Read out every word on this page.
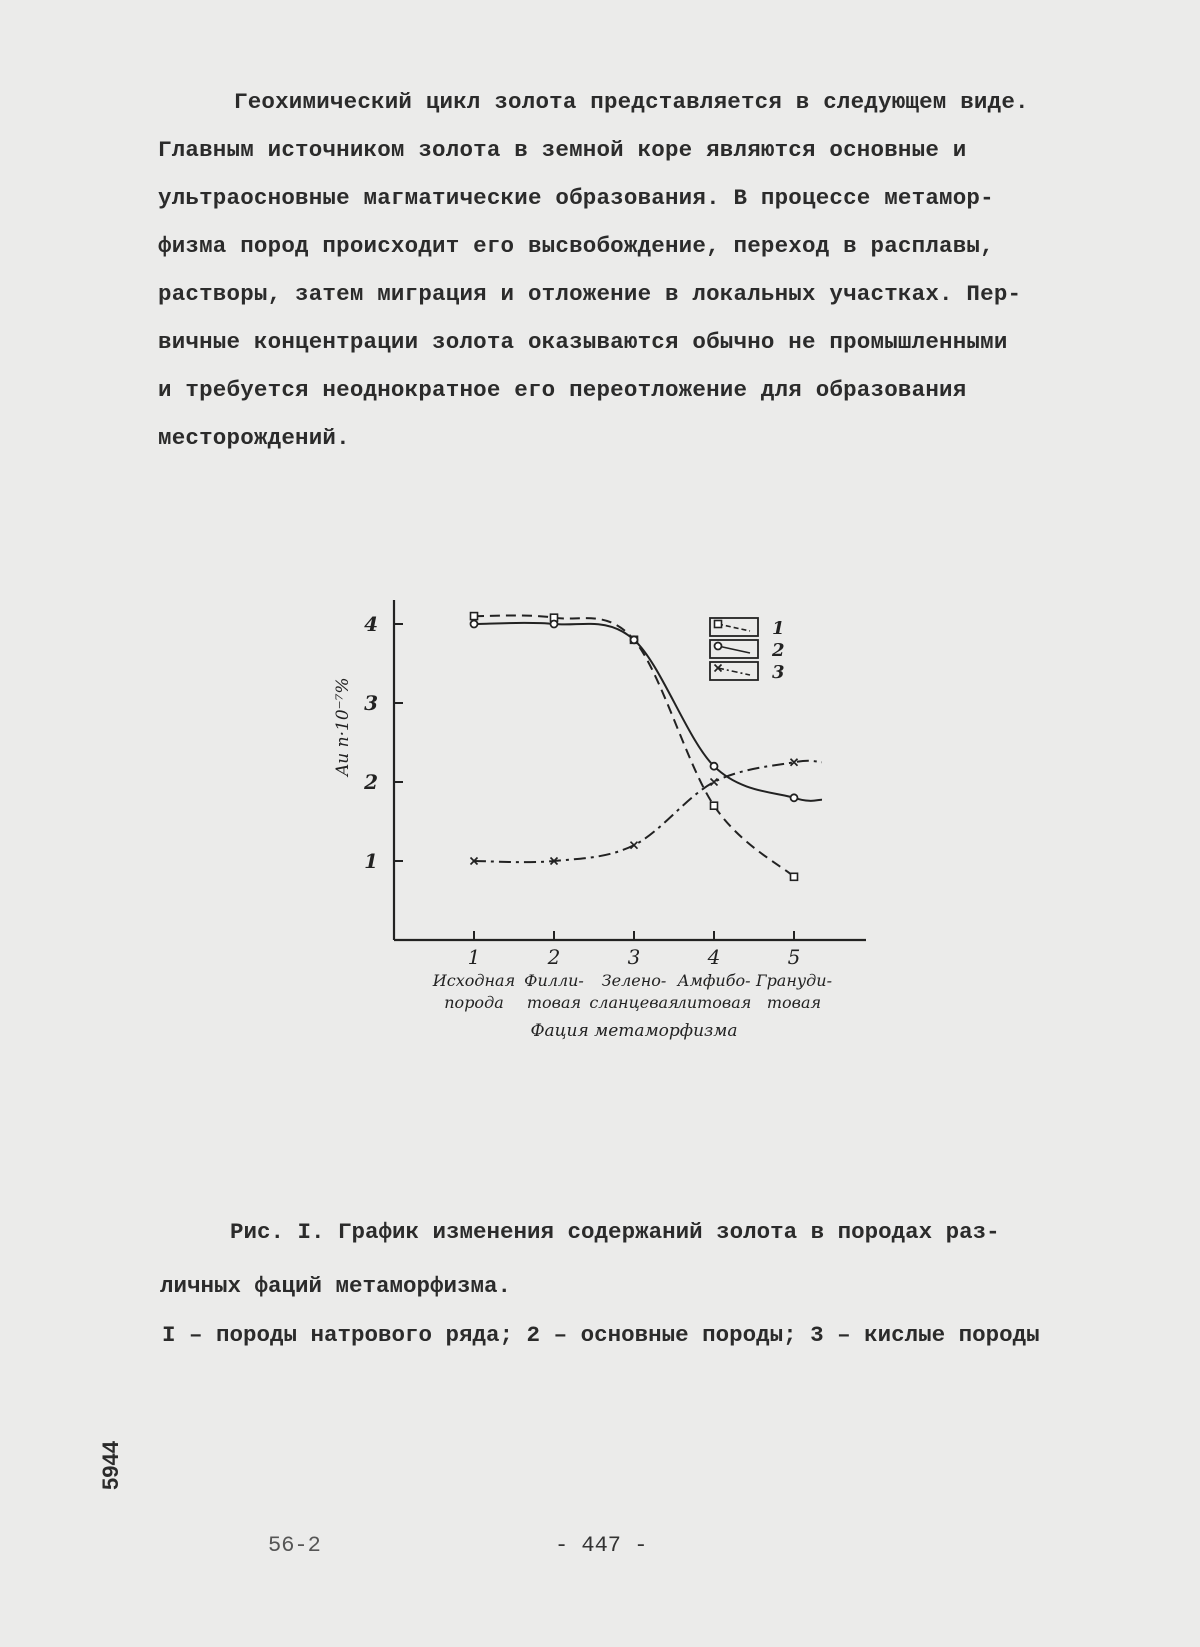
Геохимический цикл золота представляется в следующем виде.
Главным источником золота в земной коре являются основные и
ультраосновные магматические образования. В процессе метамор-
физма пород происходит его высвобождение, переход в расплавы,
растворы, затем миграция и отложение в локальных участках. Пер-
вичные концентрации золота оказываются обычно не промышленными
и требуется неоднократное его переотложение для образования
месторождений.
1
2
3
4
Au n·10⁻⁷%
1
Исходная
порода
2
Филли-
товая
3
Зелено-
сланцевая
4
Амфибо-
литовая
5
Грануди-
товая
Фация метаморфизма
1
2
3
Рис. I. График изменения содержаний золота в породах раз-
личных фаций метаморфизма.
I – породы натрового ряда; 2 – основные породы; 3 – кислые породы
5944
56-2	- 447 -
